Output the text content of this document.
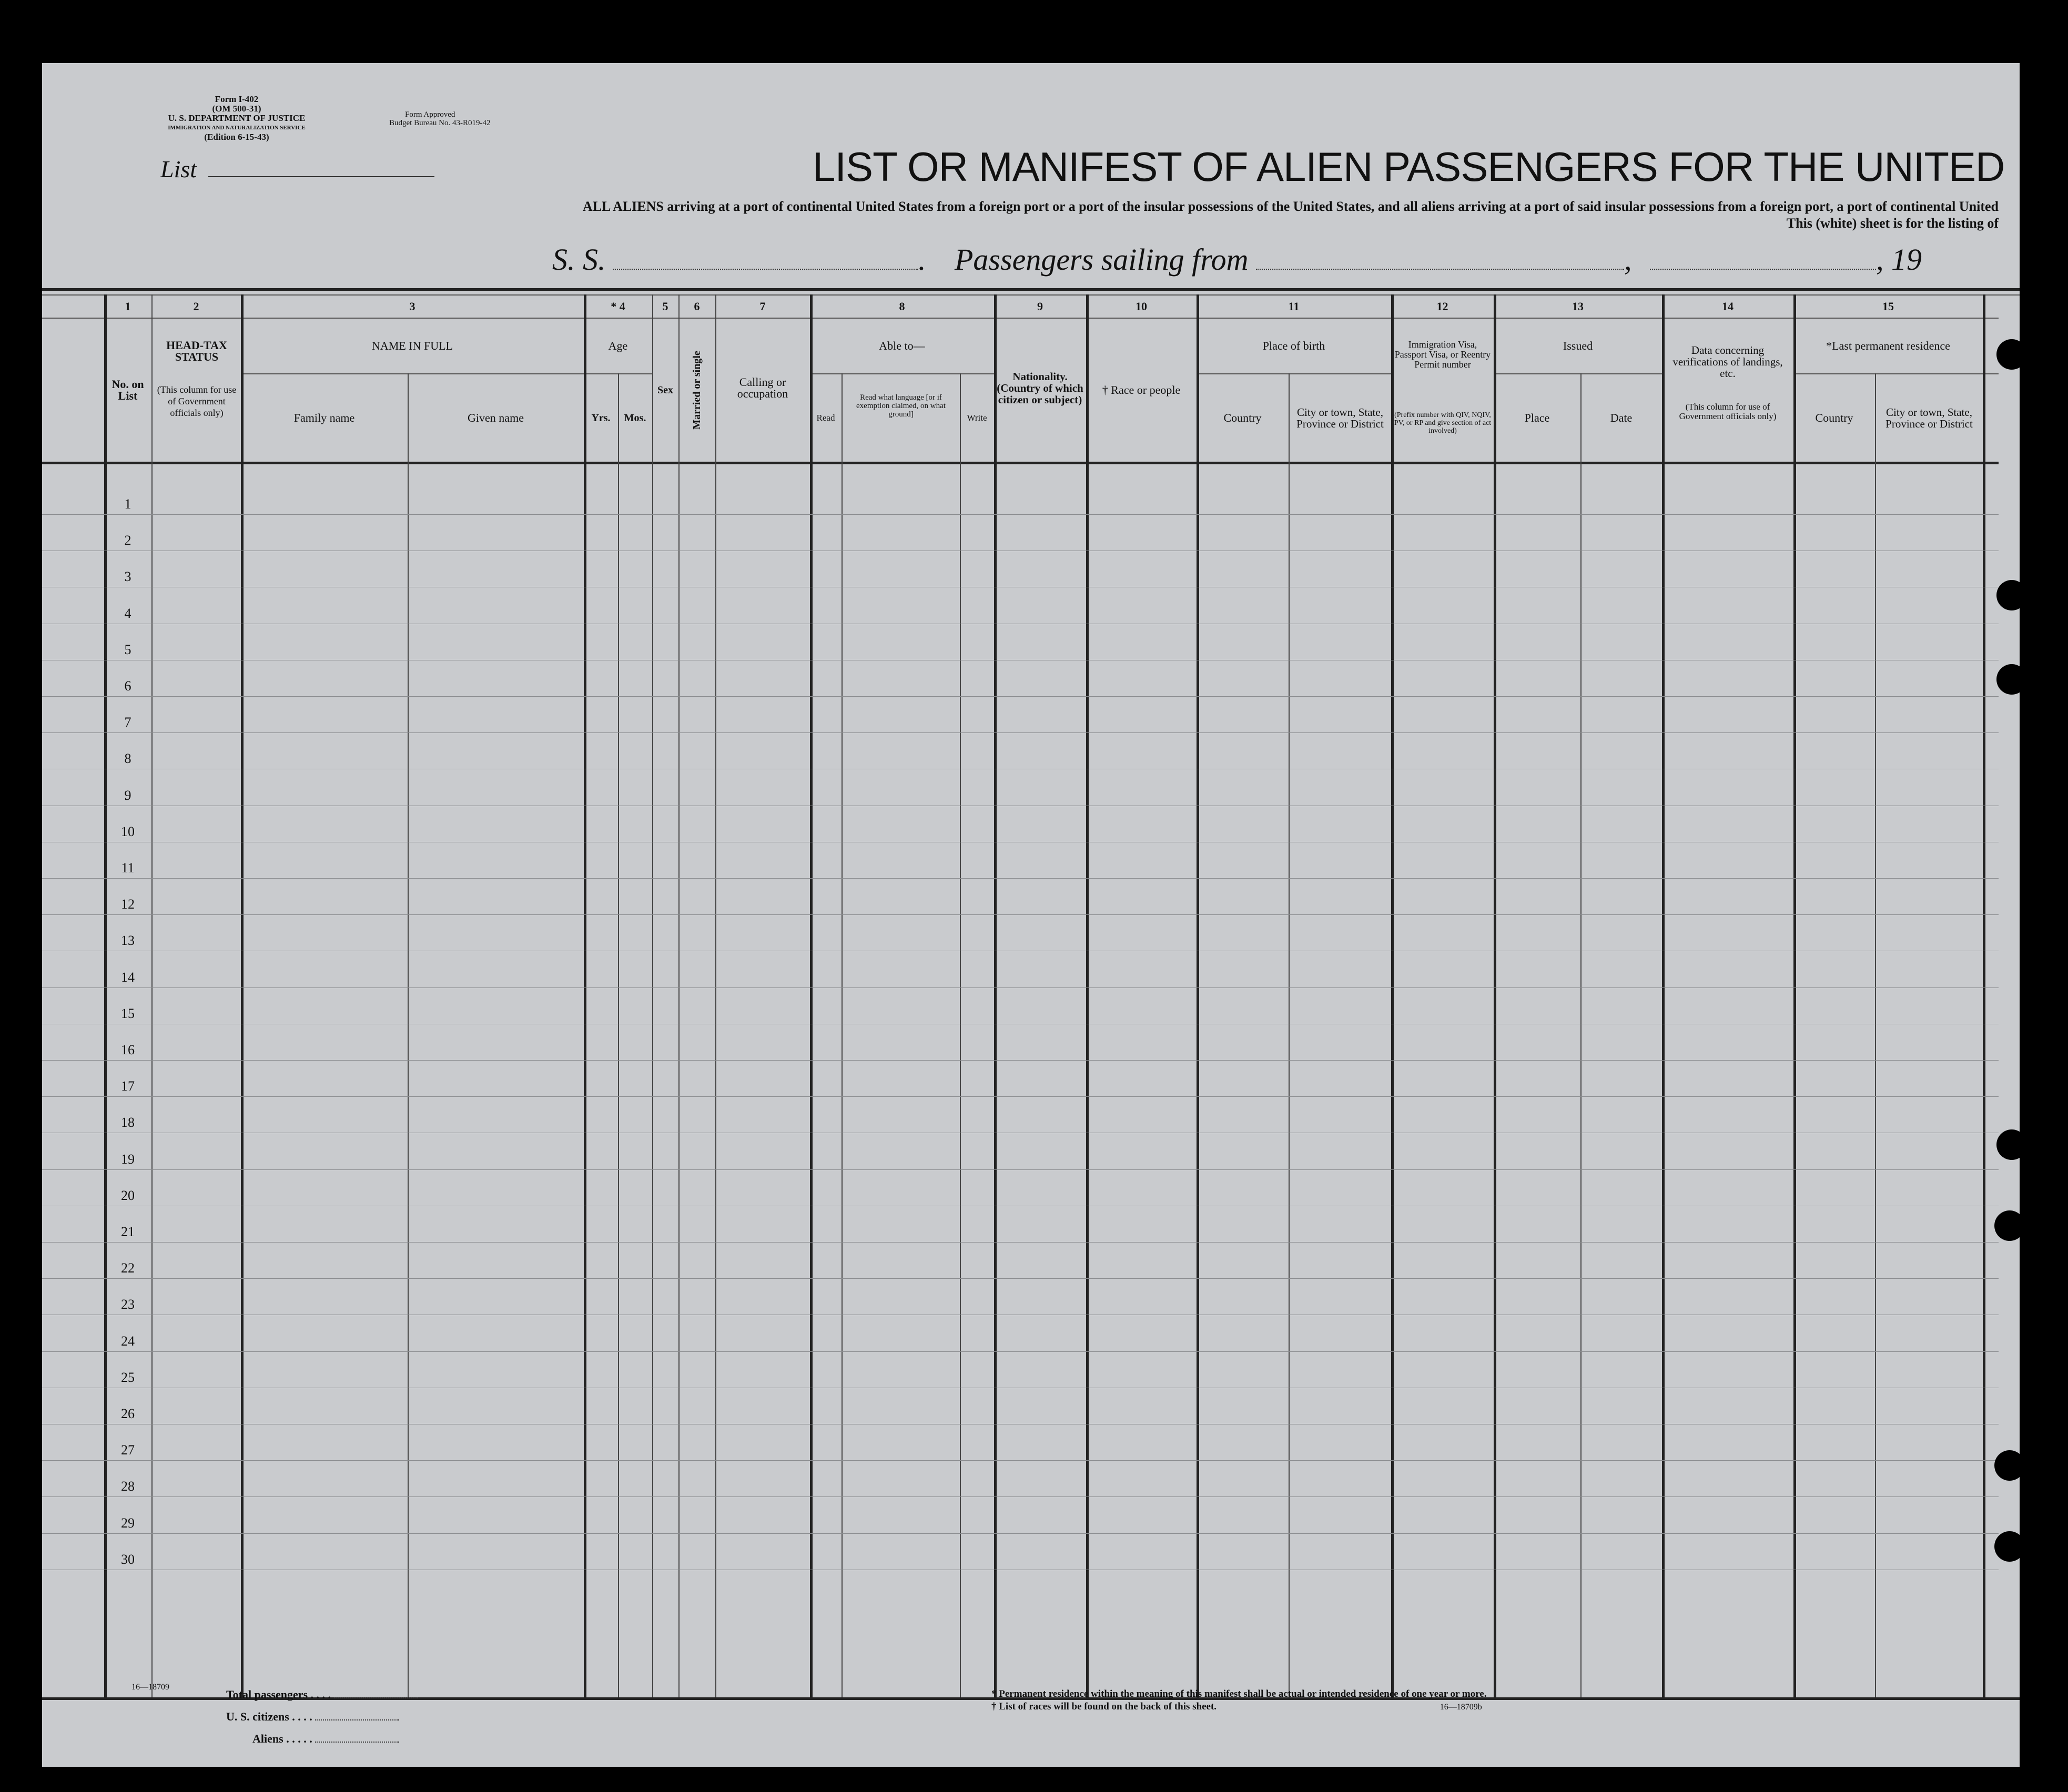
Form I-402
(OM 500-31)
U. S. DEPARTMENT OF JUSTICE
IMMIGRATION AND NATURALIZATION SERVICE
(Edition 6-15-43)
Form Approved
Budget Bureau No. 43-R019-42
List	LIST OR MANIFEST OF ALIEN PASSENGERS FOR THE UNITED
ALL ALIENS arriving at a port of continental United States from a foreign port or a port of the insular possessions of the United States, and all aliens arriving at a port of said insular possessions from a foreign port, a port of continental United
This (white) sheet is for the listing of
S. S.	. Passengers sailing from	,	, 19
1	2	3	* 4	5	6	7	8	9	10	11	12	13	14	15
No. on List
HEAD-TAX STATUS
(This column for use of Government officials only)
NAME IN FULL
Family name	Given name
Age
Yrs.	Mos.
Sex	Married or single	Calling or occupation
Able to—
Read
Read what language [or if exemption claimed, on what ground]	Write
Nationality. (Country of which citizen or subject)
† Race or people
Place of birth
Country	City or town, State, Province or District
Immigration Visa, Passport Visa, or Reentry Permit number
(Prefix number with QIV, NQIV, PV, or RP and give section of act involved)
Issued
Place	Date
Data concerning verifications of landings, etc.
(This column for use of Government officials only)
*Last permanent residence
Country	City or town, State, Province or District
1
2
3
4
5
6
7
8
9
10
11
12
13
14
15
16
17
18
19
20
21
22
23
24
25
26
27
28
29
30
16—18709
Total passengers . . . .
U. S. citizens . . . .
Aliens . . . . .
* Permanent residence within the meaning of this manifest shall be actual or intended residence of one year or more.
† List of races will be found on the back of this sheet.	16—18709b
